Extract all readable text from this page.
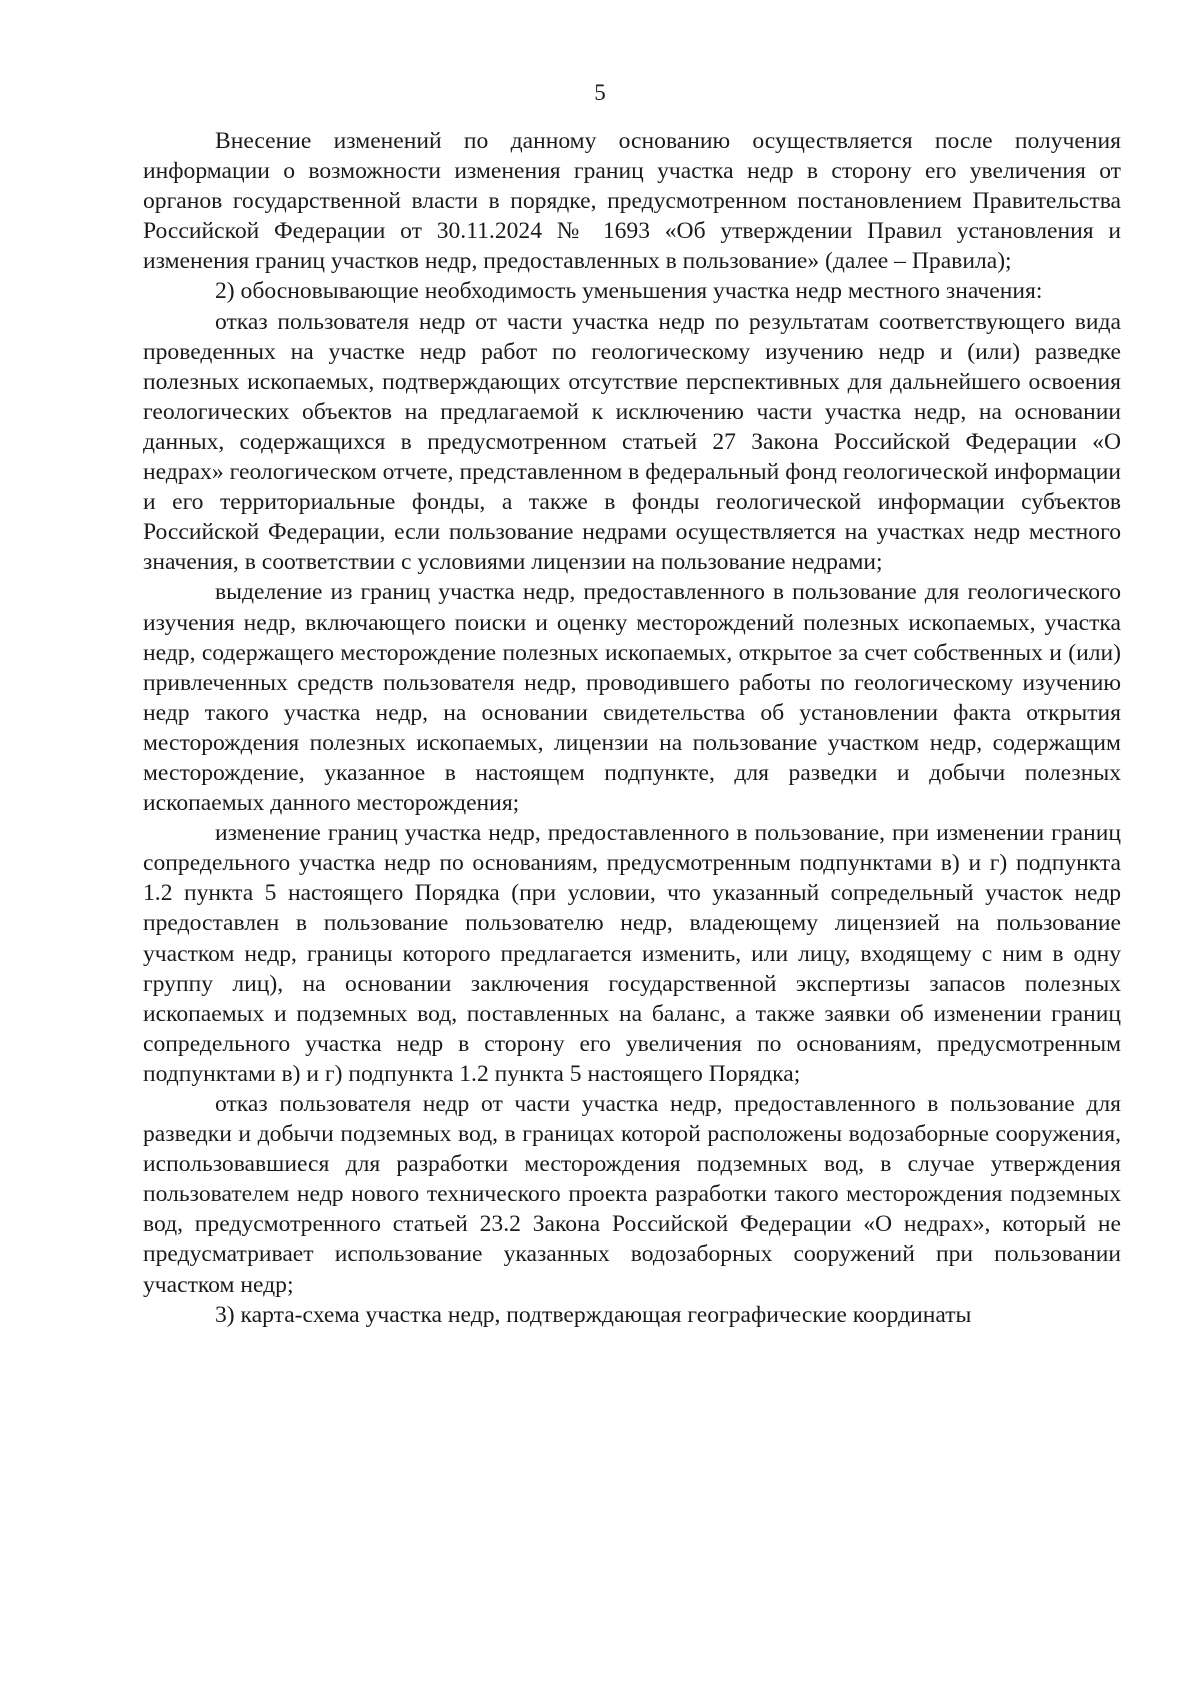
5

Внесение изменений по данному основанию осуществляется после получения информации о возможности изменения границ участка недр в сторону его увеличения от органов государственной власти в порядке, предусмотренном постановлением Правительства Российской Федерации от 30.11.2024 № 1693 «Об утверждении Правил установления и изменения границ участков недр, предоставленных в пользование» (далее – Правила);

2) обосновывающие необходимость уменьшения участка недр местного значения:

отказ пользователя недр от части участка недр по результатам соответствующего вида проведенных на участке недр работ по геологическому изучению недр и (или) разведке полезных ископаемых, подтверждающих отсутствие перспективных для дальнейшего освоения геологических объектов на предлагаемой к исключению части участка недр, на основании данных, содержащихся в предусмотренном статьей 27 Закона Российской Федерации «О недрах» геологическом отчете, представленном в федеральный фонд геологической информации и его территориальные фонды, а также в фонды геологической информации субъектов Российской Федерации, если пользование недрами осуществляется на участках недр местного значения, в соответствии с условиями лицензии на пользование недрами;

выделение из границ участка недр, предоставленного в пользование для геологического изучения недр, включающего поиски и оценку месторождений полезных ископаемых, участка недр, содержащего месторождение полезных ископаемых, открытое за счет собственных и (или) привлеченных средств пользователя недр, проводившего работы по геологическому изучению недр такого участка недр, на основании свидетельства об установлении факта открытия месторождения полезных ископаемых, лицензии на пользование участком недр, содержащим месторождение, указанное в настоящем подпункте, для разведки и добычи полезных ископаемых данного месторождения;

изменение границ участка недр, предоставленного в пользование, при изменении границ сопредельного участка недр по основаниям, предусмотренным подпунктами в) и г) подпункта 1.2 пункта 5 настоящего Порядка (при условии, что указанный сопредельный участок недр предоставлен в пользование пользователю недр, владеющему лицензией на пользование участком недр, границы которого предлагается изменить, или лицу, входящему с ним в одну группу лиц), на основании заключения государственной экспертизы запасов полезных ископаемых и подземных вод, поставленных на баланс, а также заявки об изменении границ сопредельного участка недр в сторону его увеличения по основаниям, предусмотренным подпунктами в) и г) подпункта 1.2 пункта 5 настоящего Порядка;

отказ пользователя недр от части участка недр, предоставленного в пользование для разведки и добычи подземных вод, в границах которой расположены водозаборные сооружения, использовавшиеся для разработки месторождения подземных вод, в случае утверждения пользователем недр нового технического проекта разработки такого месторождения подземных вод, предусмотренного статьей 23.2 Закона Российской Федерации «О недрах», который не предусматривает использование указанных водозаборных сооружений при пользовании участком недр;

3) карта-схема участка недр, подтверждающая географические координаты
